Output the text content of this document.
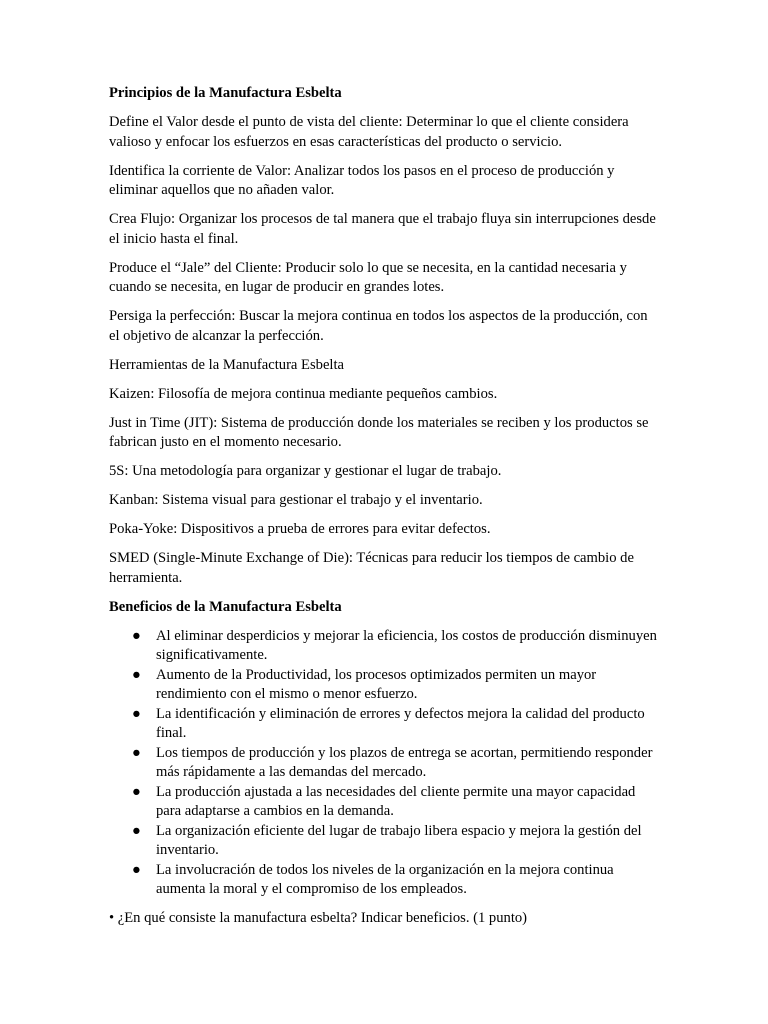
Principios de la Manufactura Esbelta

Define el Valor desde el punto de vista del cliente: Determinar lo que el cliente considera valioso y enfocar los esfuerzos en esas características del producto o servicio.

Identifica la corriente de Valor: Analizar todos los pasos en el proceso de producción y eliminar aquellos que no añaden valor.

Crea Flujo: Organizar los procesos de tal manera que el trabajo fluya sin interrupciones desde el inicio hasta el final.

Produce el “Jale” del Cliente: Producir solo lo que se necesita, en la cantidad necesaria y cuando se necesita, en lugar de producir en grandes lotes.

Persiga la perfección: Buscar la mejora continua en todos los aspectos de la producción, con el objetivo de alcanzar la perfección.

Herramientas de la Manufactura Esbelta

Kaizen: Filosofía de mejora continua mediante pequeños cambios.

Just in Time (JIT): Sistema de producción donde los materiales se reciben y los productos se fabrican justo en el momento necesario.

5S: Una metodología para organizar y gestionar el lugar de trabajo.

Kanban: Sistema visual para gestionar el trabajo y el inventario.

Poka-Yoke: Dispositivos a prueba de errores para evitar defectos.

SMED (Single-Minute Exchange of Die): Técnicas para reducir los tiempos de cambio de herramienta.

Beneficios de la Manufactura Esbelta

● Al eliminar desperdicios y mejorar la eficiencia, los costos de producción disminuyen significativamente.
● Aumento de la Productividad, los procesos optimizados permiten un mayor rendimiento con el mismo o menor esfuerzo.
● La identificación y eliminación de errores y defectos mejora la calidad del producto final.
● Los tiempos de producción y los plazos de entrega se acortan, permitiendo responder más rápidamente a las demandas del mercado.
● La producción ajustada a las necesidades del cliente permite una mayor capacidad para adaptarse a cambios en la demanda.
● La organización eficiente del lugar de trabajo libera espacio y mejora la gestión del inventario.
● La involucración de todos los niveles de la organización en la mejora continua aumenta la moral y el compromiso de los empleados.

• ¿En qué consiste la manufactura esbelta? Indicar beneficios. (1 punto)
